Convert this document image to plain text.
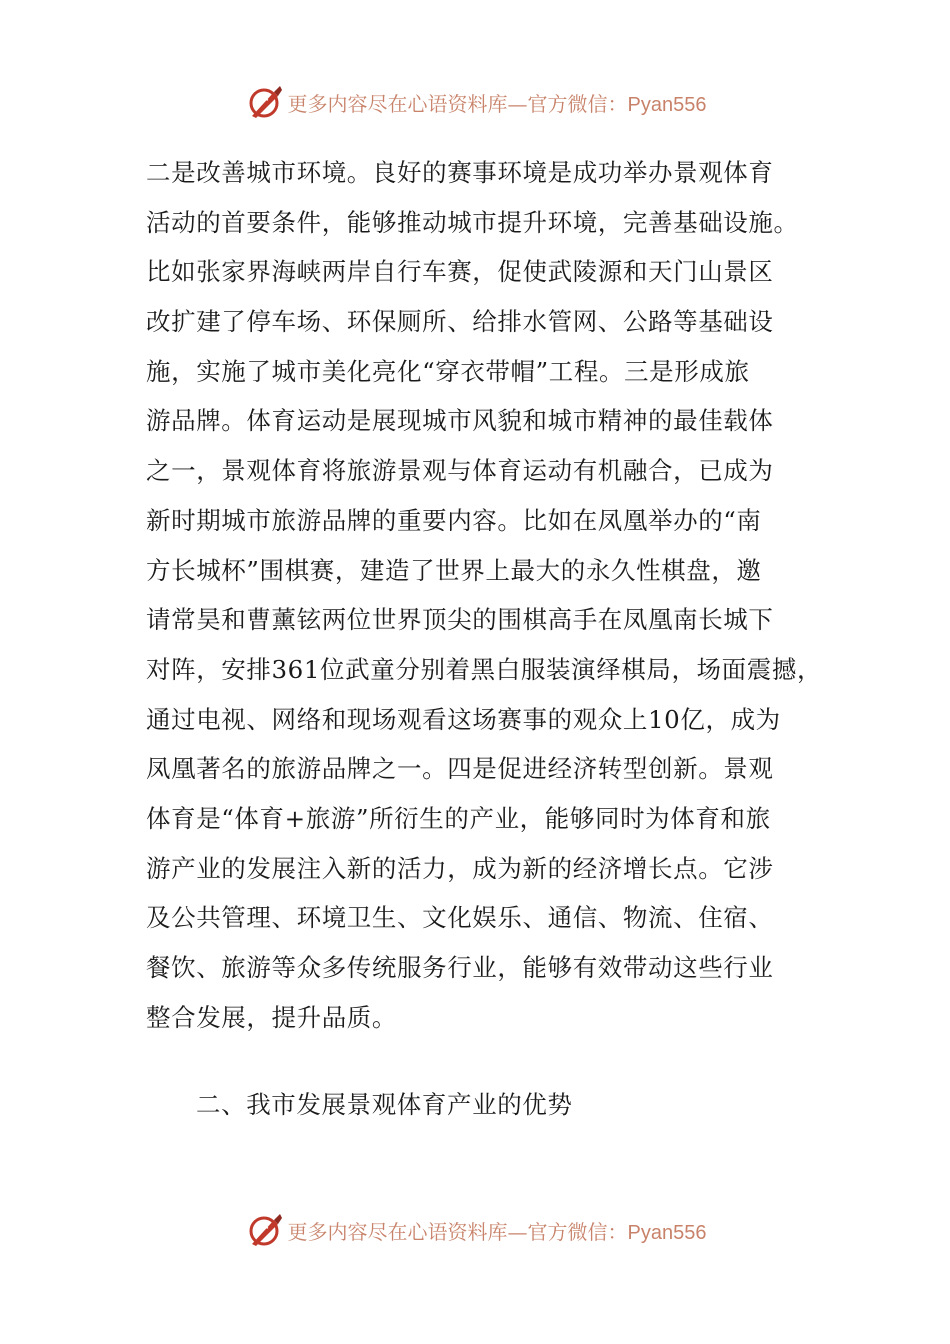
更多内容尽在心语资料库—官方微信：Pyan556
二是改善城市环境。良好的赛事环境是成功举办景观体育
活动的首要条件，能够推动城市提升环境，完善基础设施。
比如张家界海峡两岸自行车赛，促使武陵源和天门山景区
改扩建了停车场、环保厕所、给排水管网、公路等基础设
施，实施了城市美化亮化“穿衣带帽”工程。三是形成旅
游品牌。体育运动是展现城市风貌和城市精神的最佳载体
之一，景观体育将旅游景观与体育运动有机融合，已成为
新时期城市旅游品牌的重要内容。比如在凤凰举办的“南
方长城杯”围棋赛，建造了世界上最大的永久性棋盘，邀
请常昊和曹薰铉两位世界顶尖的围棋高手在凤凰南长城下
对阵，安排361位武童分别着黑白服装演绎棋局，场面震撼，
通过电视、网络和现场观看这场赛事的观众上10亿，成为
凤凰著名的旅游品牌之一。四是促进经济转型创新。景观
体育是“体育+旅游”所衍生的产业，能够同时为体育和旅
游产业的发展注入新的活力，成为新的经济增长点。它涉
及公共管理、环境卫生、文化娱乐、通信、物流、住宿、
餐饮、旅游等众多传统服务行业，能够有效带动这些行业
整合发展，提升品质。
二、我市发展景观体育产业的优势
更多内容尽在心语资料库—官方微信：Pyan556
